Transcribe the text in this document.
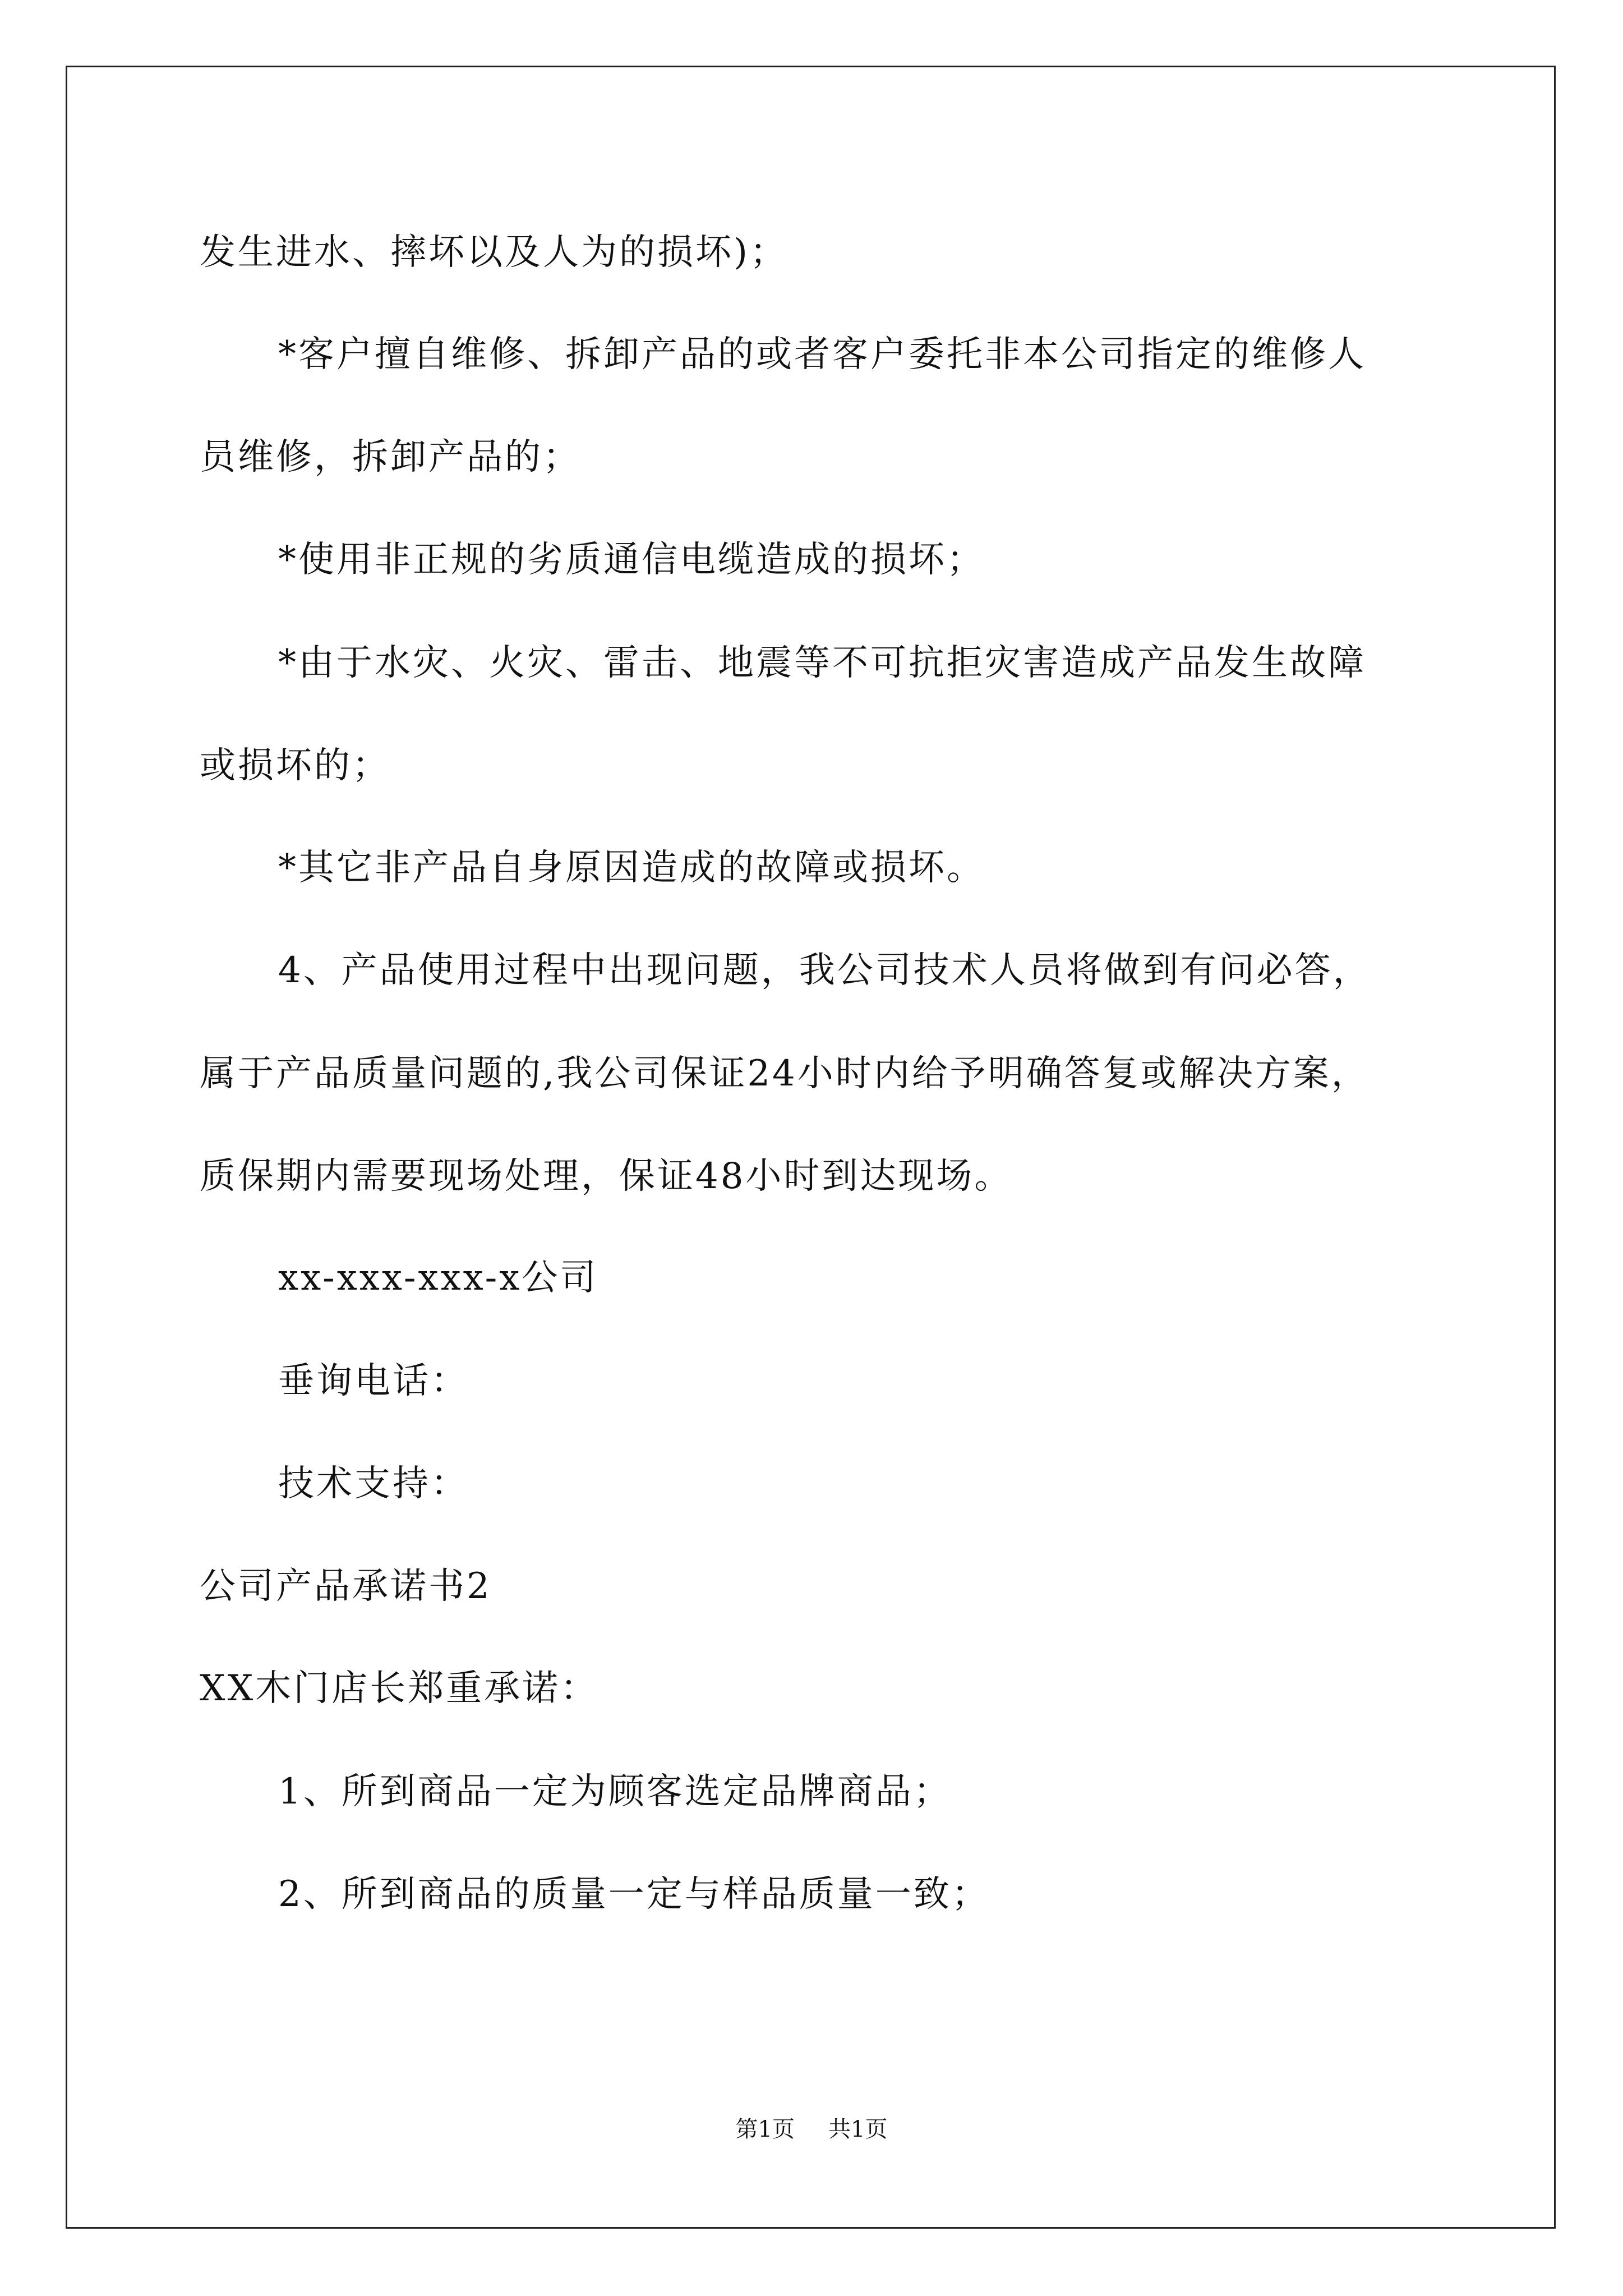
发生进水、摔坏以及人为的损坏)；
*客户擅自维修、拆卸产品的或者客户委托非本公司指定的维修人
员维修，拆卸产品的；
*使用非正规的劣质通信电缆造成的损坏；
*由于水灾、火灾、雷击、地震等不可抗拒灾害造成产品发生故障
或损坏的；
*其它非产品自身原因造成的故障或损坏。
4、产品使用过程中出现问题，我公司技术人员将做到有问必答，
属于产品质量问题的,我公司保证24小时内给予明确答复或解决方案，
质保期内需要现场处理，保证48小时到达现场。
xx-xxx-xxx-x公司
垂询电话：
技术支持：
公司产品承诺书2
XX木门店长郑重承诺：
1、所到商品一定为顾客选定品牌商品；
2、所到商品的质量一定与样品质量一致；
第1页 共1页
